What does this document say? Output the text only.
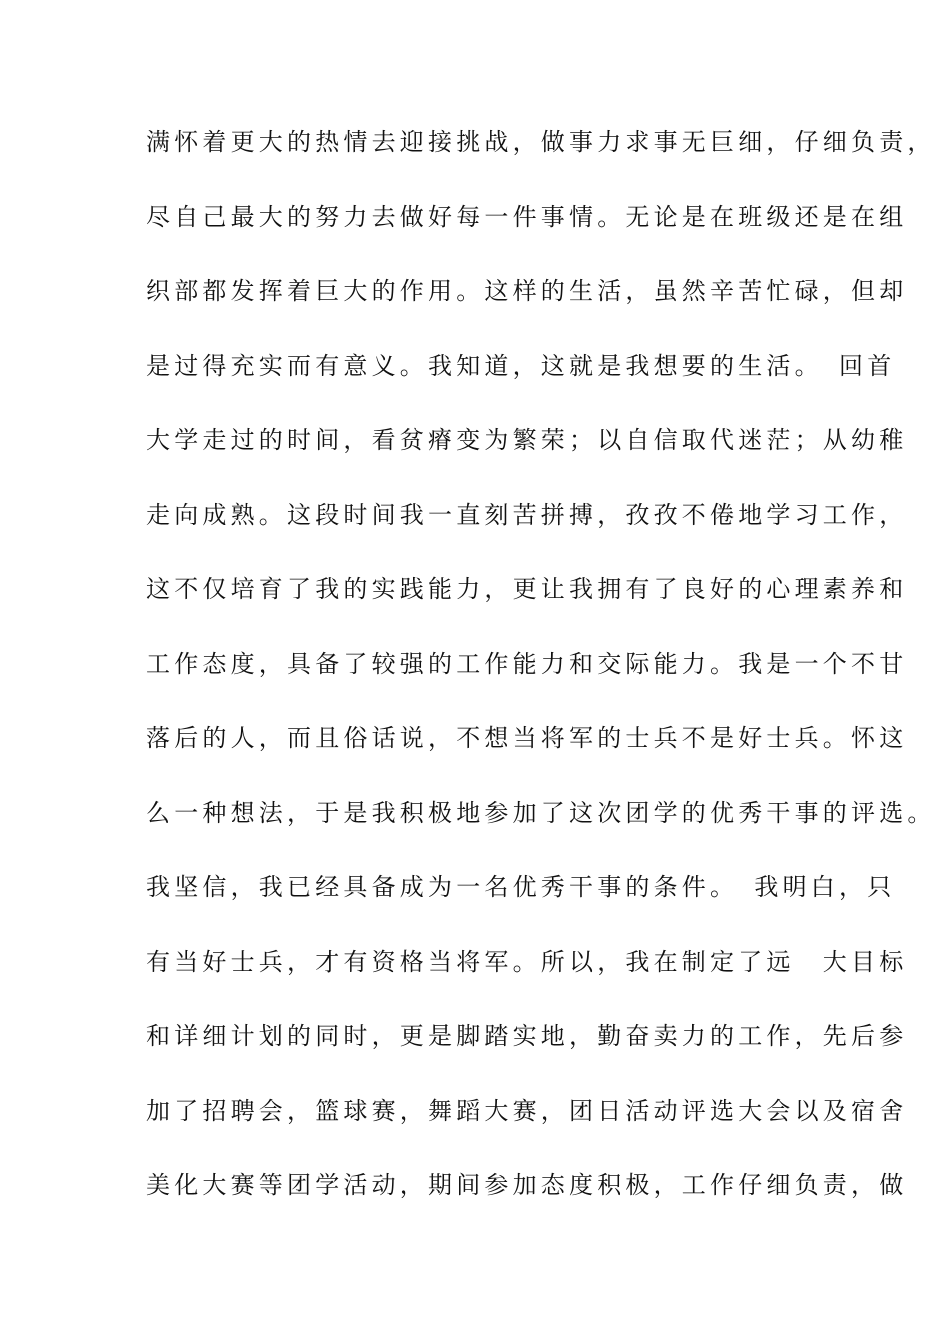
满怀着更大的热情去迎接挑战，做事力求事无巨细，仔细负责，
尽自己最大的努力去做好每一件事情。无论是在班级还是在组
织部都发挥着巨大的作用。这样的生活，虽然辛苦忙碌，但却
是过得充实而有意义。我知道，这就是我想要的生活。　回首
大学走过的时间，看贫瘠变为繁荣；以自信取代迷茫；从幼稚
走向成熟。这段时间我一直刻苦拼搏，孜孜不倦地学习工作，
这不仅培育了我的实践能力，更让我拥有了良好的心理素养和
工作态度，具备了较强的工作能力和交际能力。我是一个不甘
落后的人，而且俗话说，不想当将军的士兵不是好士兵。怀这
么一种想法，于是我积极地参加了这次团学的优秀干事的评选。
我坚信，我已经具备成为一名优秀干事的条件。　我明白，只
有当好士兵，才有资格当将军。所以，我在制定了远　大目标
和详细计划的同时，更是脚踏实地，勤奋卖力的工作，先后参
加了招聘会，篮球赛，舞蹈大赛，团日活动评选大会以及宿舍
美化大赛等团学活动，期间参加态度积极，工作仔细负责，做
